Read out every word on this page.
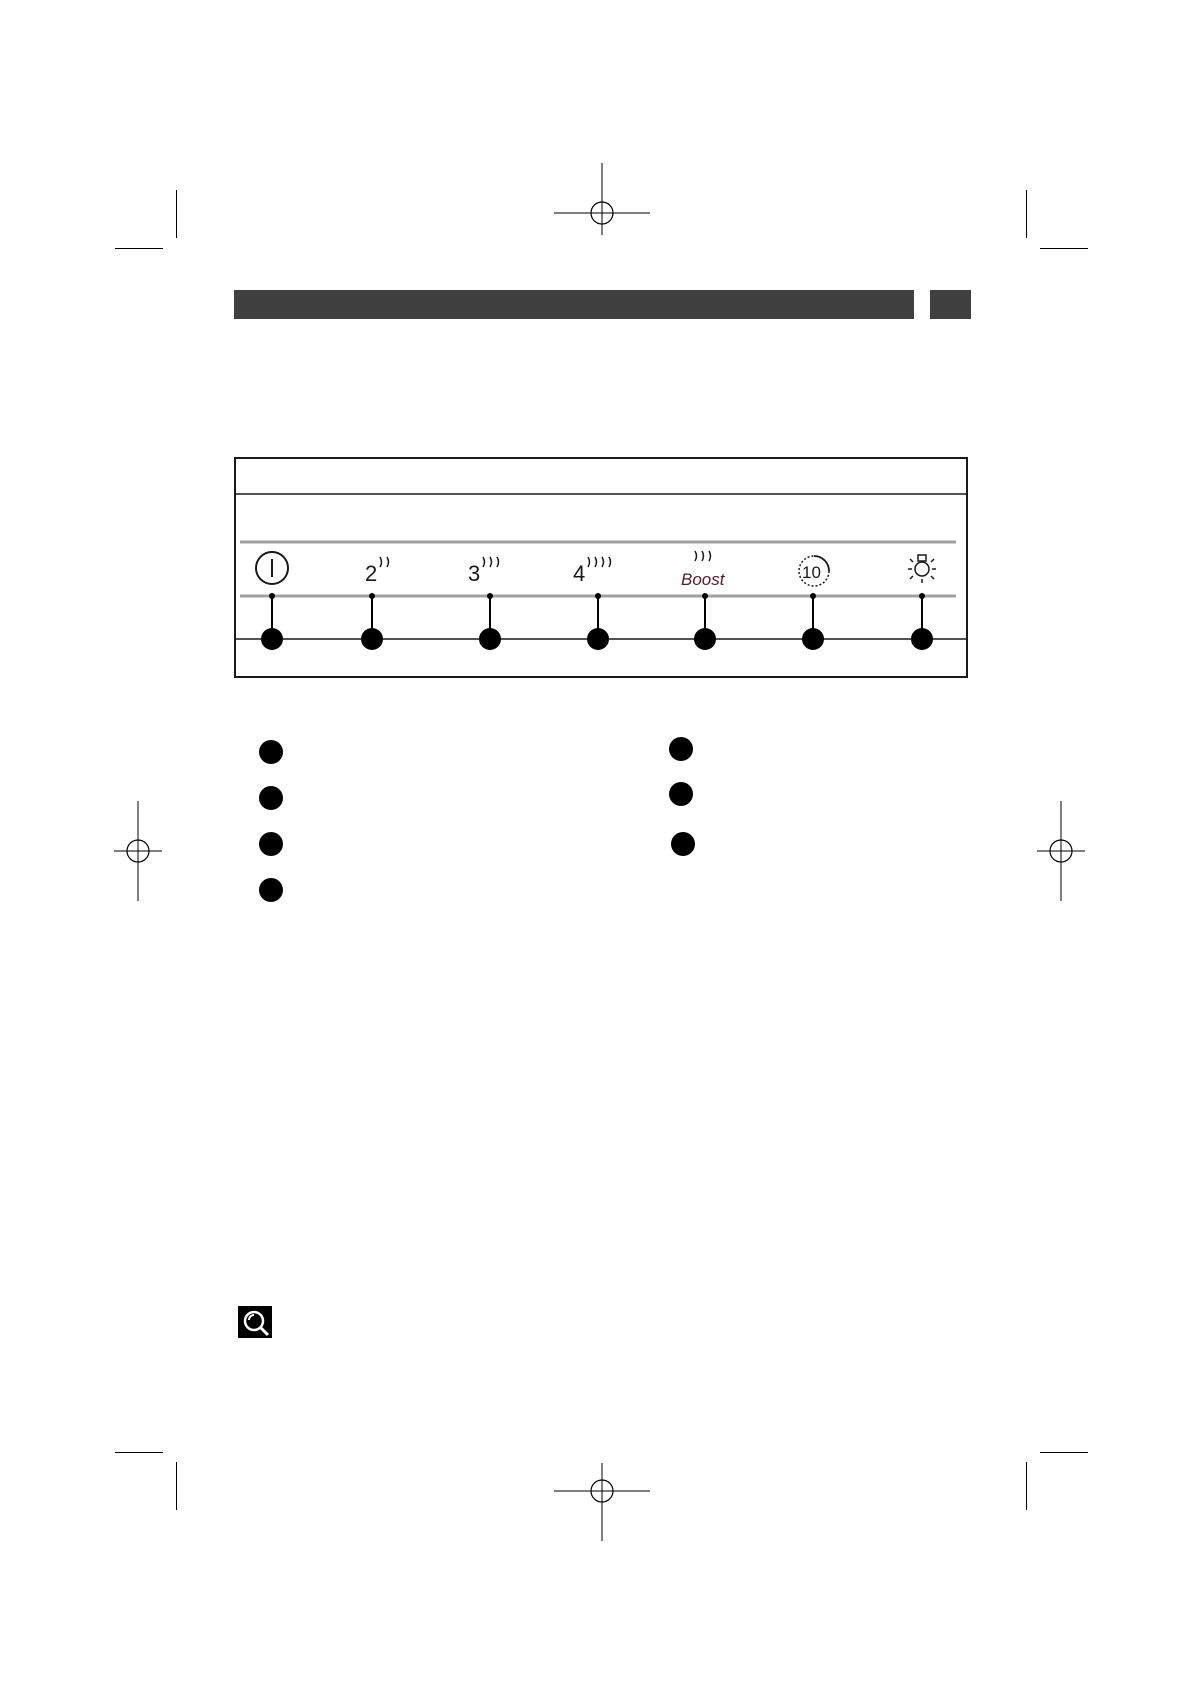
2	3	4	Boost	10
